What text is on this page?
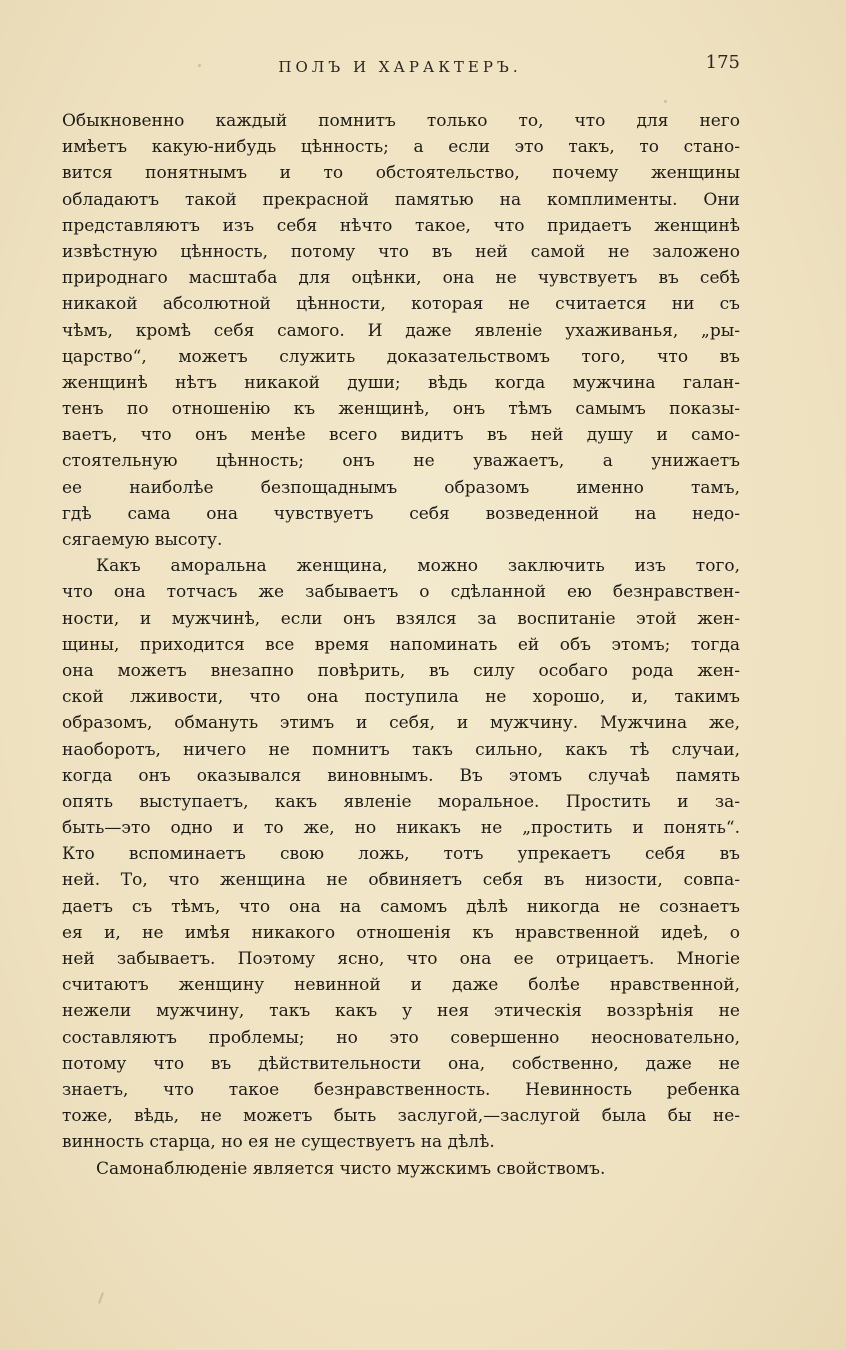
ПОЛЪ И ХАРАКТЕРЪ.	175
Обыкновенно каждый помнитъ только то, что для него
имѣетъ какую-нибудь цѣнность; а если это такъ, то стано-
вится понятнымъ и то обстоятельство, почему женщины
обладаютъ такой прекрасной памятью на комплименты. Они
представляютъ изъ себя нѣчто такое, что придаетъ женщинѣ
извѣстную цѣнность, потому что въ ней самой не заложено
природнаго масштаба для оцѣнки, она не чувствуетъ въ себѣ
никакой абсолютной цѣнности, которая не считается ни съ
чѣмъ, кромѣ себя самого. И даже явленіе ухаживанья, „ры-
царство“, можетъ служить доказательствомъ того, что въ
женщинѣ нѣтъ никакой души; вѣдь когда мужчина галан-
тенъ по отношенію къ женщинѣ, онъ тѣмъ самымъ показы-
ваетъ, что онъ менѣе всего видитъ въ ней душу и само-
стоятельную цѣнность; онъ не уважаетъ, а унижаетъ
ее наиболѣе безпощаднымъ образомъ именно тамъ,
гдѣ сама она чувствуетъ себя возведенной на недо-
сягаемую высоту.
Какъ аморальна женщина, можно заключить изъ того,
что она тотчасъ же забываетъ о сдѣланной ею безнравствен-
ности, и мужчинѣ, если онъ взялся за воспитаніе этой жен-
щины, приходится все время напоминать ей объ этомъ; тогда
она можетъ внезапно повѣрить, въ силу особаго рода жен-
ской лживости, что она поступила не хорошо, и, такимъ
образомъ, обмануть этимъ и себя, и мужчину. Мужчина же,
наоборотъ, ничего не помнитъ такъ сильно, какъ тѣ случаи,
когда онъ оказывался виновнымъ. Въ этомъ случаѣ память
опять выступаетъ, какъ явленіе моральное. Простить и за-
быть—это одно и то же, но никакъ не „простить и понять“.
Кто вспоминаетъ свою ложь, тотъ упрекаетъ себя въ
ней. То, что женщина не обвиняетъ себя въ низости, совпа-
даетъ съ тѣмъ, что она на самомъ дѣлѣ никогда не сознаетъ
ея и, не имѣя никакого отношенія къ нравственной идеѣ, о
ней забываетъ. Поэтому ясно, что она ее отрицаетъ. Многіе
считаютъ женщину невинной и даже болѣе нравственной,
нежели мужчину, такъ какъ у нея этическія воззрѣнія не
составляютъ проблемы; но это совершенно неосновательно,
потому что въ дѣйствительности она, собственно, даже не
знаетъ, что такое безнравственность. Невинность ребенка
тоже, вѣдь, не можетъ быть заслугой,—заслугой была бы не-
винность старца, но ея не существуетъ на дѣлѣ.
Самонаблюденіе является чисто мужскимъ свойствомъ.
